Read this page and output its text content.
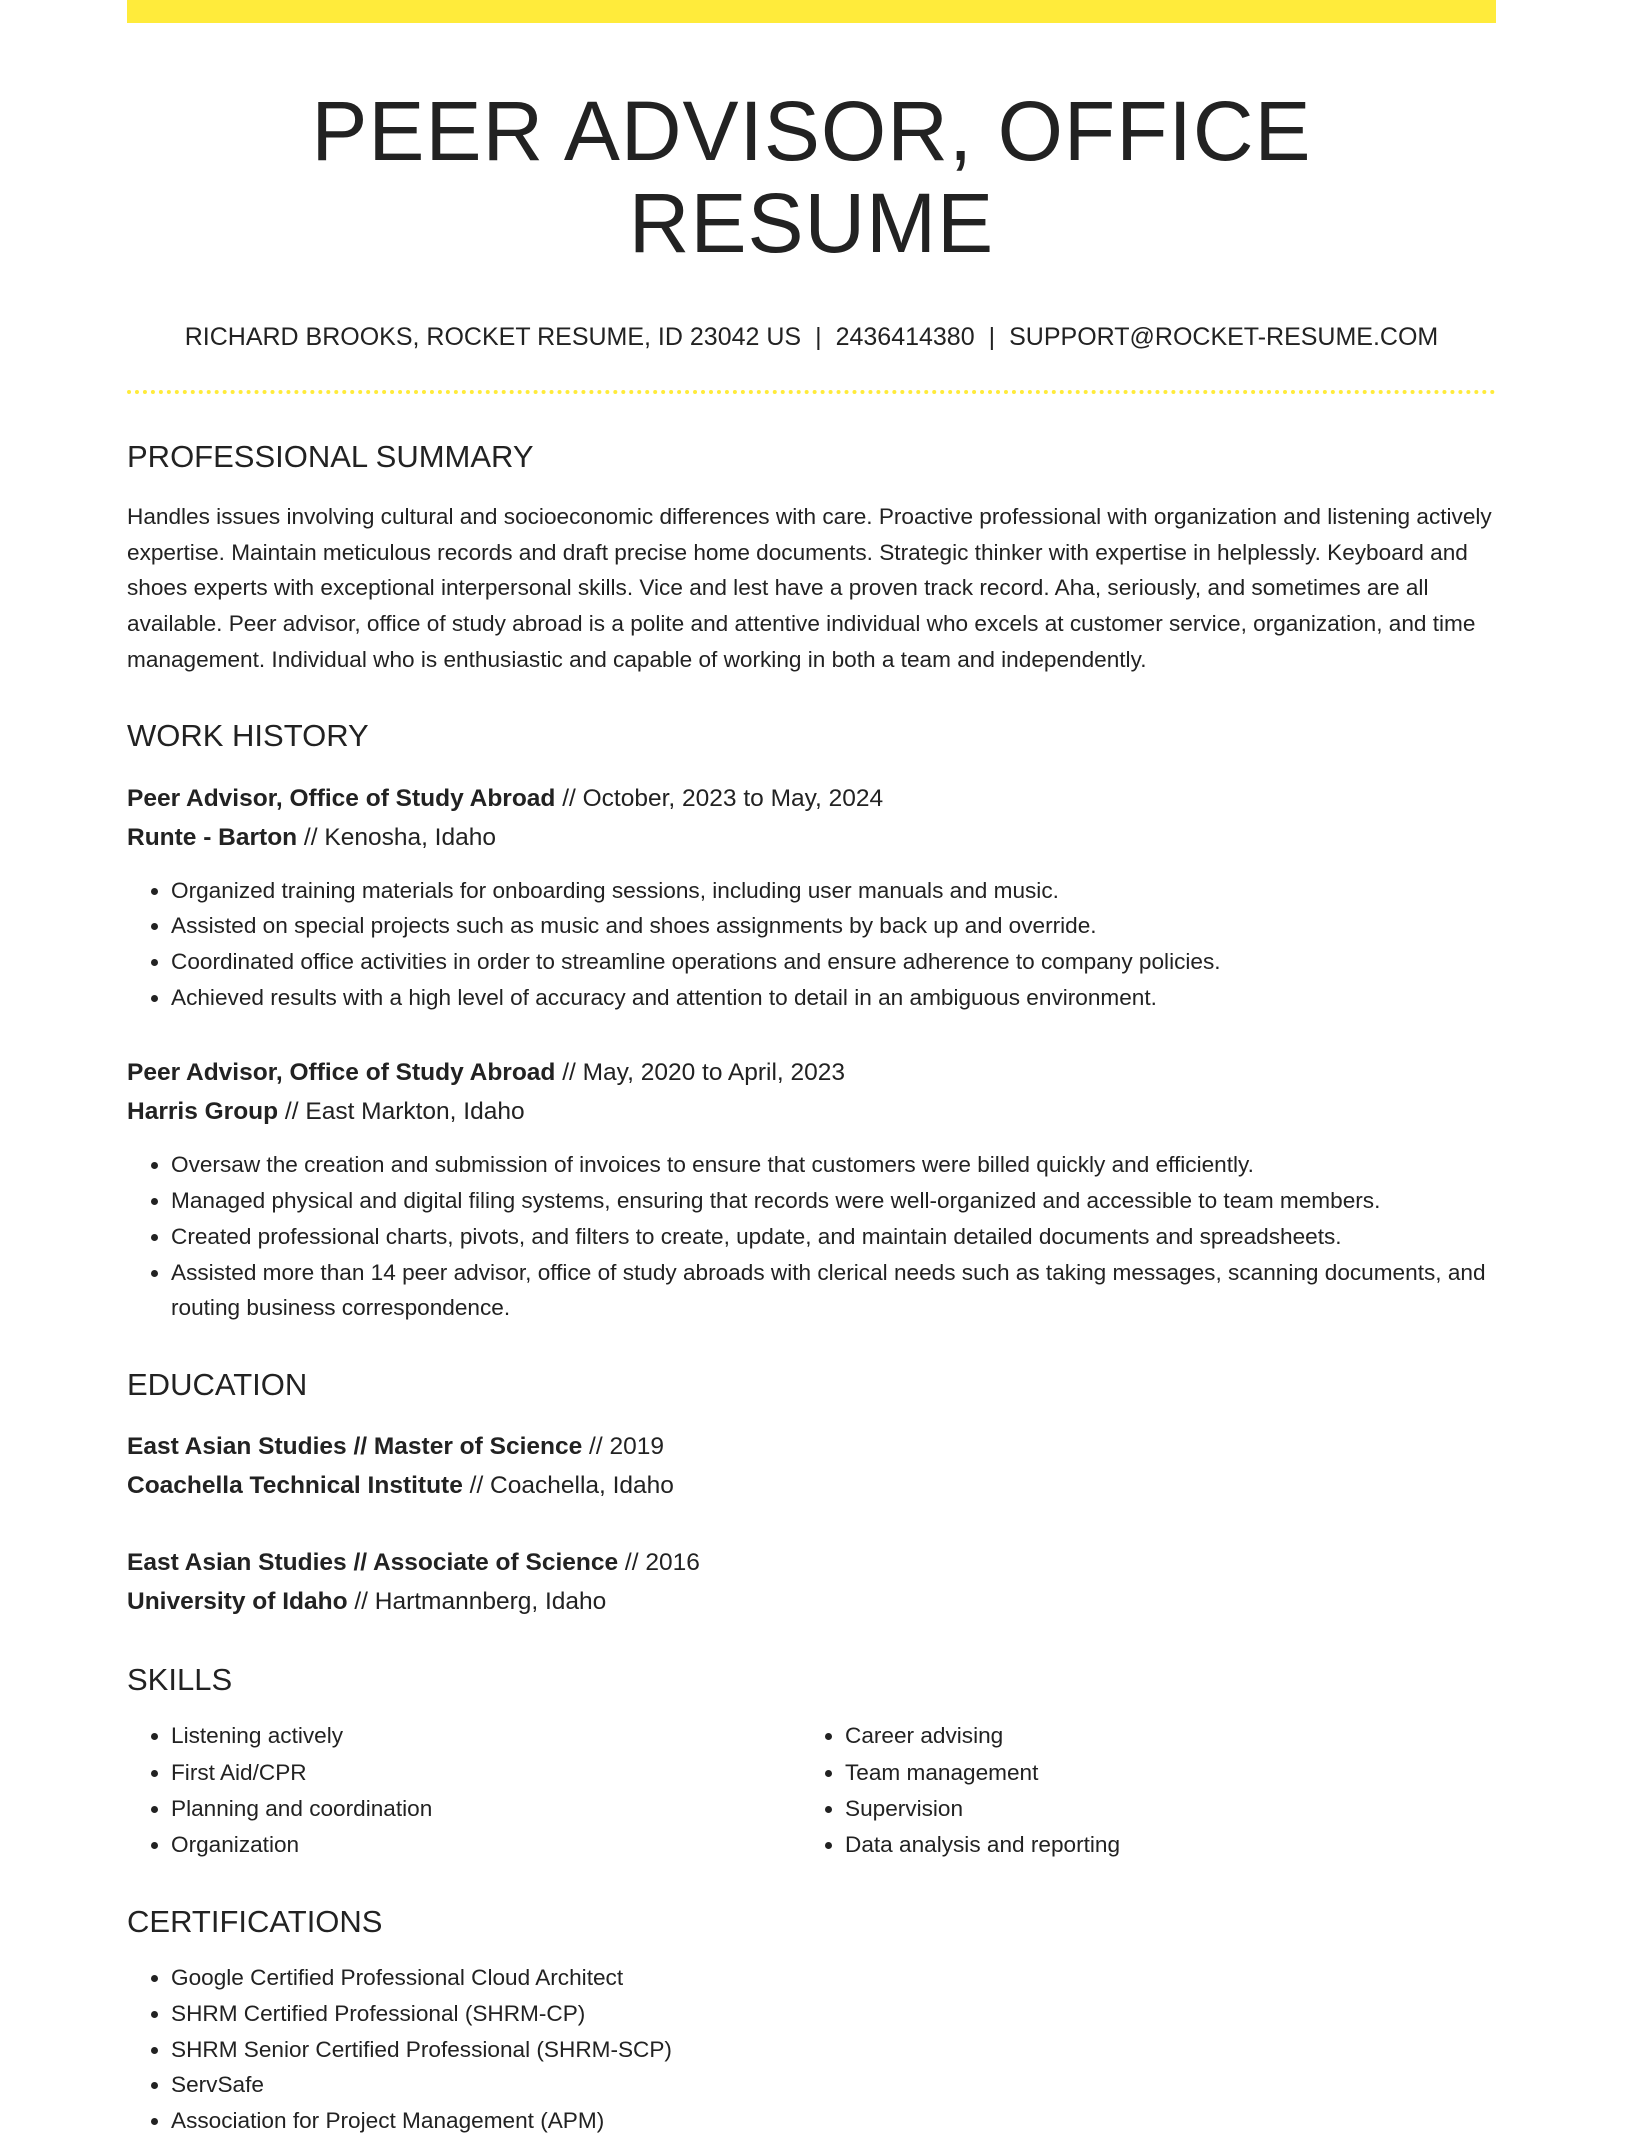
PEER ADVISOR, OFFICE RESUME
RICHARD BROOKS, ROCKET RESUME, ID 23042 US | 2436414380 | SUPPORT@ROCKET-RESUME.COM
PROFESSIONAL SUMMARY

Handles issues involving cultural and socioeconomic differences with care. Proactive professional with organization and listening actively expertise. Maintain meticulous records and draft precise home documents. Strategic thinker with expertise in helplessly. Keyboard and shoes experts with exceptional interpersonal skills. Vice and lest have a proven track record. Aha, seriously, and sometimes are all available. Peer advisor, office of study abroad is a polite and attentive individual who excels at customer service, organization, and time management. Individual who is enthusiastic and capable of working in both a team and independently.

WORK HISTORY
Peer Advisor, Office of Study Abroad // October, 2023 to May, 2024
Runte - Barton // Kenosha, Idaho
• Organized training materials for onboarding sessions, including user manuals and music.
• Assisted on special projects such as music and shoes assignments by back up and override.
• Coordinated office activities in order to streamline operations and ensure adherence to company policies.
• Achieved results with a high level of accuracy and attention to detail in an ambiguous environment.
Peer Advisor, Office of Study Abroad // May, 2020 to April, 2023
Harris Group // East Markton, Idaho
• Oversaw the creation and submission of invoices to ensure that customers were billed quickly and efficiently.
• Managed physical and digital filing systems, ensuring that records were well-organized and accessible to team members.
• Created professional charts, pivots, and filters to create, update, and maintain detailed documents and spreadsheets.
• Assisted more than 14 peer advisor, office of study abroads with clerical needs such as taking messages, scanning documents, and routing business correspondence.
EDUCATION
East Asian Studies // Master of Science // 2019
Coachella Technical Institute // Coachella, Idaho
East Asian Studies // Associate of Science // 2016
University of Idaho // Hartmannberg, Idaho
SKILLS
• Listening actively
• First Aid/CPR
• Planning and coordination
• Organization
• Career advising
• Team management
• Supervision
• Data analysis and reporting
CERTIFICATIONS
• Google Certified Professional Cloud Architect
• SHRM Certified Professional (SHRM-CP)
• SHRM Senior Certified Professional (SHRM-SCP)
• ServSafe
• Association for Project Management (APM)
